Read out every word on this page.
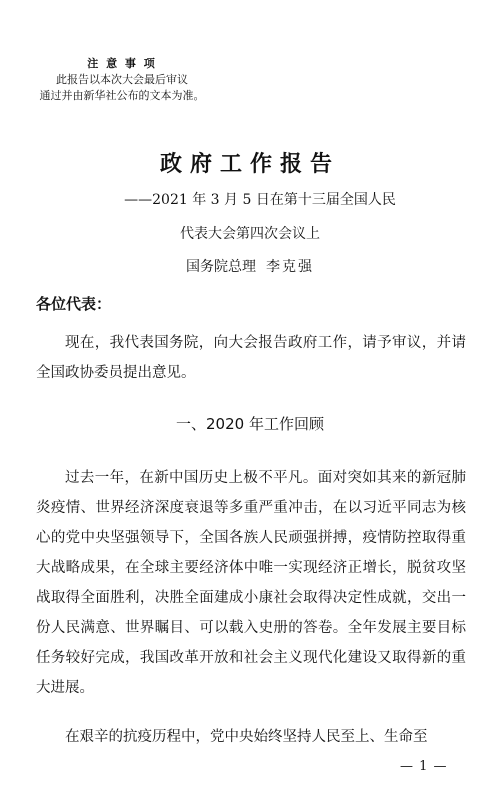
注 意 事 项
此报告以本次大会最后审议
通过并由新华社公布的文本为准。
政府工作报告
——2021 年 3 月 5 日在第十三届全国人民
代表大会第四次会议上
国务院总理 李克强
各位代表：

现在，我代表国务院，向大会报告政府工作，请予审议，并请全国政协委员提出意见。

一、2020 年工作回顾

过去一年，在新中国历史上极不平凡。面对突如其来的新冠肺炎疫情、世界经济深度衰退等多重严重冲击，在以习近平同志为核心的党中央坚强领导下，全国各族人民顽强拼搏，疫情防控取得重大战略成果，在全球主要经济体中唯一实现经济正增长，脱贫攻坚战取得全面胜利，决胜全面建成小康社会取得决定性成就，交出一份人民满意、世界瞩目、可以载入史册的答卷。全年发展主要目标任务较好完成，我国改革开放和社会主义现代化建设又取得新的重大进展。

在艰辛的抗疫历程中，党中央始终坚持人民至上、生命至

— 1 —
